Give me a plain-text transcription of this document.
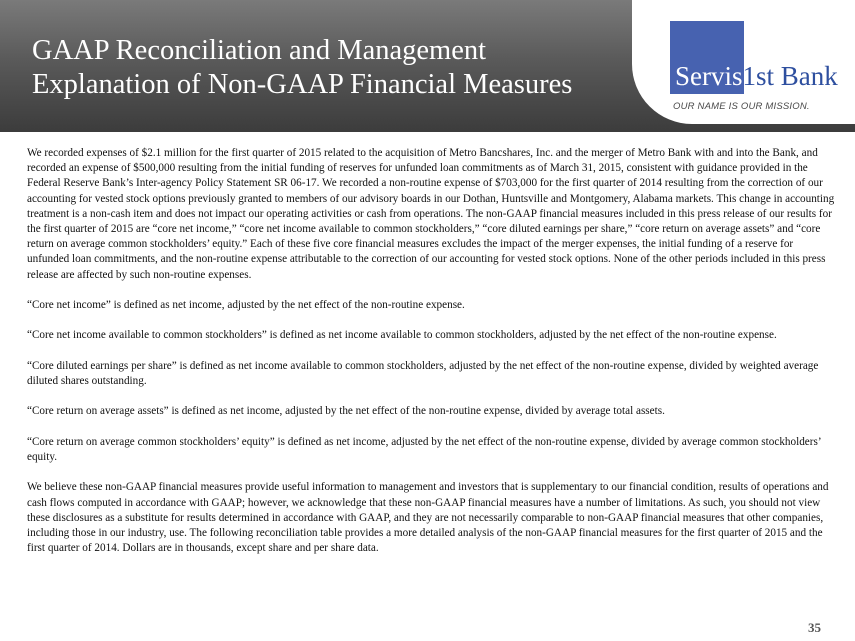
GAAP Reconciliation and Management
Explanation of Non-GAAP Financial Measures	Servis1st Bank
OUR NAME IS OUR MISSION.

We recorded expenses of $2.1 million for the first quarter of 2015 related to the acquisition of Metro Bancshares, Inc. and the merger of Metro Bank with and into the Bank, and recorded an expense of $500,000 resulting from the initial funding of reserves for unfunded loan commitments as of March 31, 2015, consistent with guidance provided in the Federal Reserve Bank’s Inter-agency Policy Statement SR 06-17. We recorded a non-routine expense of $703,000 for the first quarter of 2014 resulting from the correction of our accounting for vested stock options previously granted to members of our advisory boards in our Dothan, Huntsville and Montgomery, Alabama markets. This change in accounting treatment is a non-cash item and does not impact our operating activities or cash from operations. The non-GAAP financial measures included in this press release of our results for the first quarter of 2015 are “core net income,” “core net income available to common stockholders,” “core diluted earnings per share,” “core return on average assets” and “core return on average common stockholders’ equity.” Each of these five core financial measures excludes the impact of the merger expenses, the initial funding of a reserve for unfunded loan commitments, and the non-routine expense attributable to the correction of our accounting for vested stock options. None of the other periods included in this press release are affected by such non-routine expenses.

“Core net income” is defined as net income, adjusted by the net effect of the non-routine expense.

“Core net income available to common stockholders” is defined as net income available to common stockholders, adjusted by the net effect of the non-routine expense.

“Core diluted earnings per share” is defined as net income available to common stockholders, adjusted by the net effect of the non-routine expense, divided by weighted average diluted shares outstanding.

“Core return on average assets” is defined as net income, adjusted by the net effect of the non-routine expense, divided by average total assets.

“Core return on average common stockholders’ equity” is defined as net income, adjusted by the net effect of the non-routine expense, divided by average common stockholders’ equity.

We believe these non-GAAP financial measures provide useful information to management and investors that is supplementary to our financial condition, results of operations and cash flows computed in accordance with GAAP; however, we acknowledge that these non-GAAP financial measures have a number of limitations. As such, you should not view these disclosures as a substitute for results determined in accordance with GAAP, and they are not necessarily comparable to non-GAAP financial measures that other companies, including those in our industry, use. The following reconciliation table provides a more detailed analysis of the non-GAAP financial measures for the first quarter of 2015 and the first quarter of 2014. Dollars are in thousands, except share and per share data.

35
